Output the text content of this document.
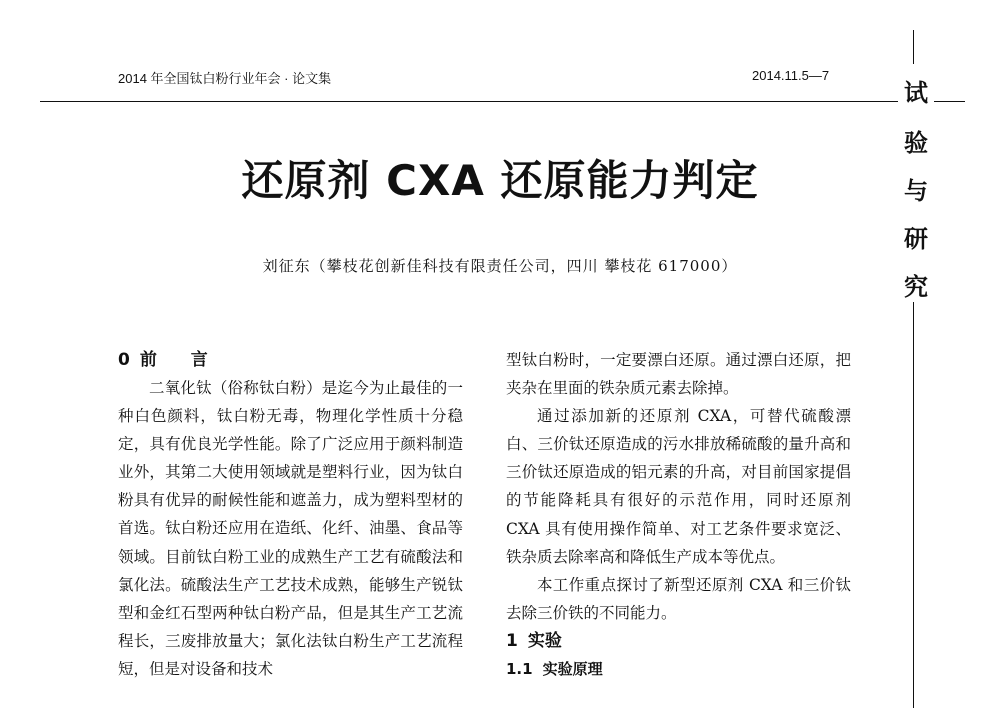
2014 年全国钛白粉行业年会 · 论文集	2014.11.5—7
试
验
与
研
究
还原剂 CXA 还原能力判定
刘征东（攀枝花创新佳科技有限责任公司，四川 攀枝花 617000）
0 前 言

二氧化钛（俗称钛白粉）是迄今为止最佳的一种白色颜料，钛白粉无毒，物理化学性质十分稳定，具有优良光学性能。除了广泛应用于颜料制造业外，其第二大使用领域就是塑料行业，因为钛白粉具有优异的耐候性能和遮盖力，成为塑料型材的首选。钛白粉还应用在造纸、化纤、油墨、食品等领域。目前钛白粉工业的成熟生产工艺有硫酸法和氯化法。硫酸法生产工艺技术成熟，能够生产锐钛型和金红石型两种钛白粉产品，但是其生产工艺流程长，三废排放量大；氯化法钛白粉生产工艺流程短，但是对设备和技术

型钛白粉时，一定要漂白还原。通过漂白还原，把夹杂在里面的铁杂质元素去除掉。

通过添加新的还原剂 CXA，可替代硫酸漂白、三价钛还原造成的污水排放稀硫酸的量升高和三价钛还原造成的铝元素的升高，对目前国家提倡的节能降耗具有很好的示范作用，同时还原剂 CXA 具有使用操作简单、对工艺条件要求宽泛、铁杂质去除率高和降低生产成本等优点。

本工作重点探讨了新型还原剂 CXA 和三价钛去除三价铁的不同能力。

1 实验
1.1 实验原理
